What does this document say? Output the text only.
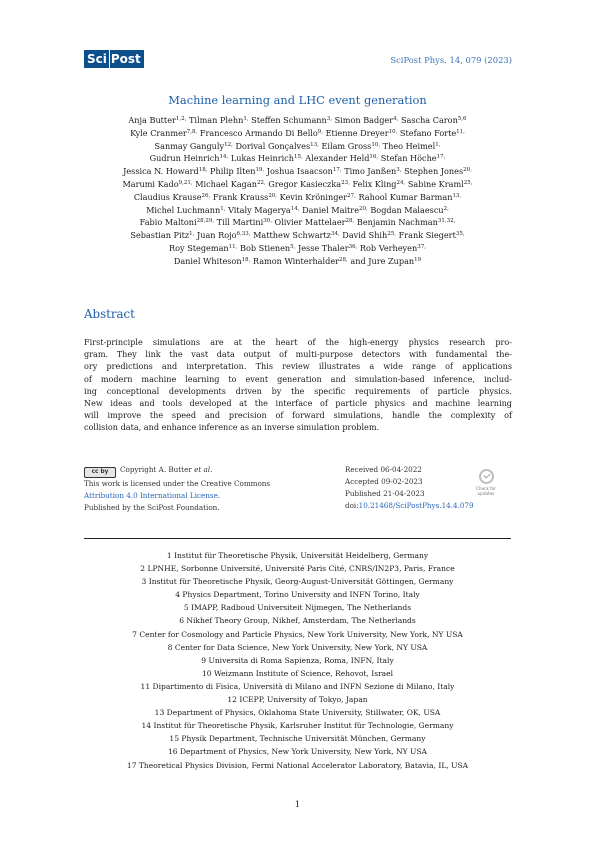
Sci Post	SciPost Phys. 14, 079 (2023)
Machine learning and LHC event generation
Anja Butter$^{1,2,}$ Tilman Plehn$^{1,}$ Steffen Schumann$^{3,}$ Simon Badger$^{4,}$ Sascha Caron$^{5,6}$
Kyle Cranmer$^{7,8,}$ Francesco Armando Di Bello$^{9,}$ Etienne Dreyer$^{10,}$ Stefano Forte$^{11,}$
Sanmay Ganguly$^{12,}$ Dorival Gonçalves$^{13,}$ Eilam Gross$^{10,}$ Theo Heimel$^{1,}$
Gudrun Heinrich$^{14,}$ Lukas Heinrich$^{15,}$ Alexander Held$^{16,}$ Stefan Höche$^{17,}$
Jessica N. Howard$^{18,}$ Philip Ilten$^{19,}$ Joshua Isaacson$^{17,}$ Timo Janßen$^{3,}$ Stephen Jones$^{20,}$
Marumi Kado$^{9,21,}$ Michael Kagan$^{22,}$ Gregor Kasieczka$^{23,}$ Felix Kling$^{24,}$ Sabine Kraml$^{25,}$
Claudius Krause$^{26,}$ Frank Krauss$^{20,}$ Kevin Kröninger$^{27,}$ Rahool Kumar Barman$^{13,}$
Michel Luchmann$^{1,}$ Vitaly Magerya$^{14,}$ Daniel Maitre$^{20,}$ Bogdan Malaescu$^{2,}$
Fabio Maltoni$^{28,29,}$ Till Martini$^{30,}$ Olivier Mattelaer$^{28,}$ Benjamin Nachman$^{31,32,}$
Sebastian Pitz$^{1,}$ Juan Rojo$^{6,33,}$ Matthew Schwartz$^{34,}$ David Shih$^{25,}$ Frank Siegert$^{35,}$
Roy Stegeman$^{11,}$ Bob Stienen$^{5,}$ Jesse Thaler$^{36,}$ Rob Verheyen$^{37,}$
Daniel Whiteson$^{18,}$ Ramon Winterhalder$^{28,}$ and Jure Zupan$^{19}$
Abstract
First-principle simulations are at the heart of the high-energy physics research pro-
gram. They link the vast data output of multi-purpose detectors with fundamental the-
ory predictions and interpretation. This review illustrates a wide range of applications
of modern machine learning to event generation and simulation-based inference, includ-
ing conceptional developments driven by the specific requirements of particle physics.
New ideas and tools developed at the interface of particle physics and machine learning
will improve the speed and precision of forward simulations, handle the complexity of
collision data, and enhance inference as an inverse simulation problem.
cc by Copyright A. Butter et al.
This work is licensed under the Creative Commons
Attribution 4.0 International License.
Published by the SciPost Foundation.
Received 06-04-2022
Accepted 09-02-2023
Published 21-04-2023
doi:10.21468/SciPostPhys.14.4.079
Check for
updates
1 Institut für Theoretische Physik, Universität Heidelberg, Germany
2 LPNHE, Sorbonne Université, Université Paris Cité, CNRS/IN2P3, Paris, France
3 Institut für Theoretische Physik, Georg-August-Universität Göttingen, Germany
4 Physics Department, Torino University and INFN Torino, Italy
5 IMAPP, Radboud Universiteit Nijmegen, The Netherlands
6 Nikhef Theory Group, Nikhef, Amsterdam, The Netherlands
7 Center for Cosmology and Particle Physics, New York University, New York, NY USA
8 Center for Data Science, New York University, New York, NY USA
9 Universita di Roma Sapienza, Roma, INFN, Italy
10 Weizmann Institute of Science, Rehovot, Israel
11 Dipartimento di Fisica, Università di Milano and INFN Sezione di Milano, Italy
12 ICEPP, University of Tokyo, Japan
13 Department of Physics, Oklahoma State University, Stillwater, OK, USA
14 Institut für Theoretische Physik, Karlsruher Institut für Technologie, Germany
15 Physik Department, Technische Universität München, Germany
16 Department of Physics, New York University, New York, NY USA
17 Theoretical Physics Division, Fermi National Accelerator Laboratory, Batavia, IL, USA
1
